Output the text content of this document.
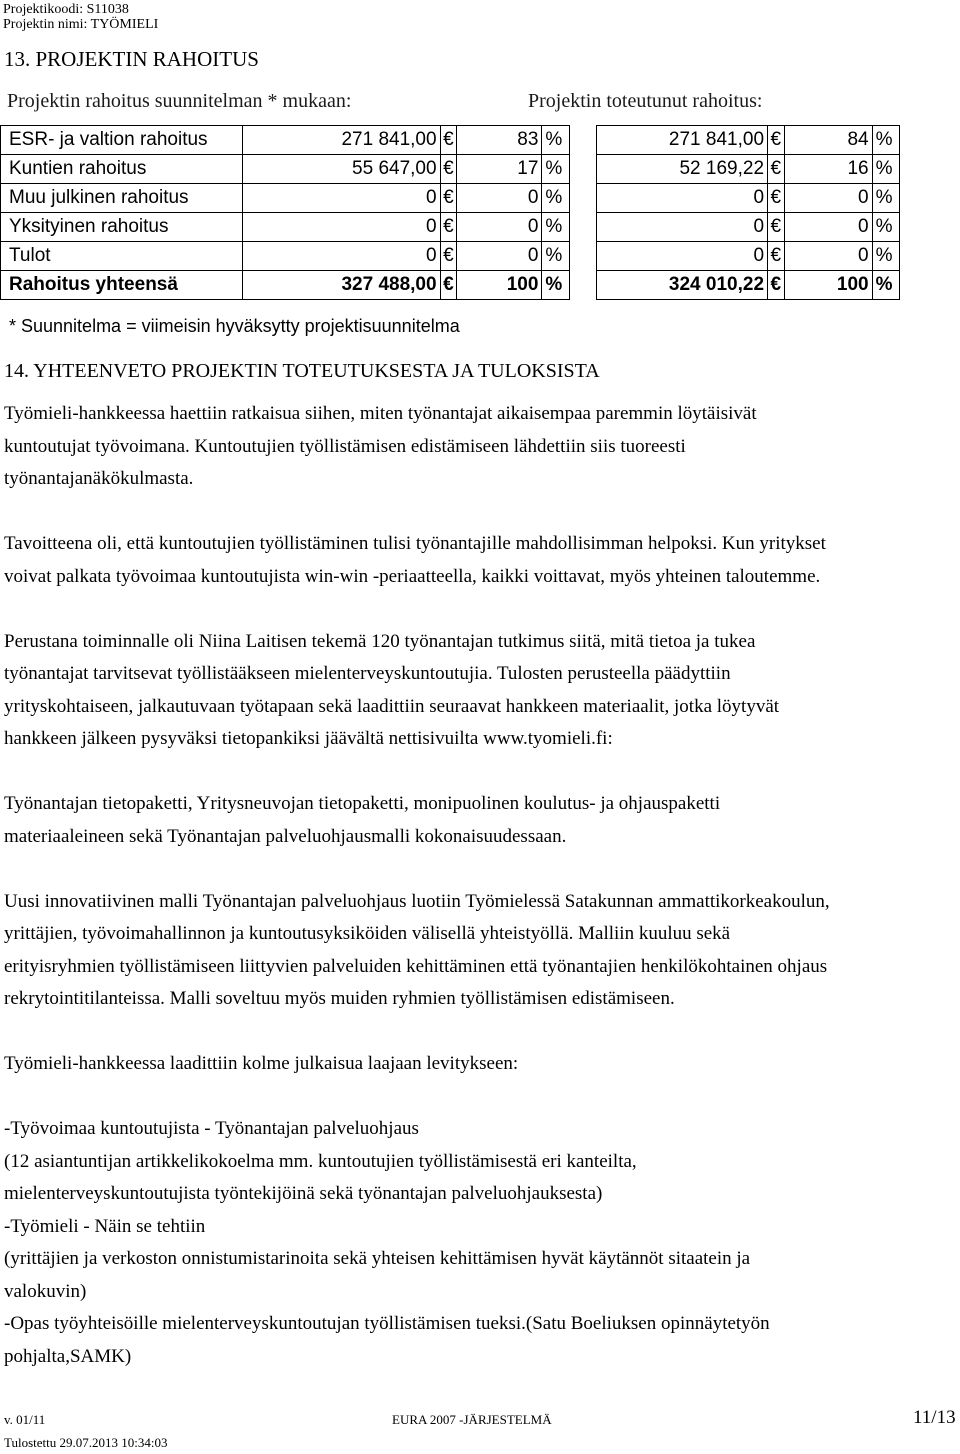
Projektikoodi: S11038
Projektin nimi: TYÖMIELI
13. PROJEKTIN RAHOITUS
Projektin rahoitus suunnitelman * mukaan:	Projektin toteutunut rahoitus:
ESR- ja valtion rahoitus	271 841,00	€	83	%		271 841,00	€	84	%
Kuntien rahoitus	55 647,00	€	17	%		52 169,22	€	16	%
Muu julkinen rahoitus	0	€	0	%		0	€	0	%
Yksityinen rahoitus	0	€	0	%		0	€	0	%
Tulot	0	€	0	%		0	€	0	%
Rahoitus yhteensä	327 488,00	€	100	%		324 010,22	€	100	%
* Suunnitelma = viimeisin hyväksytty projektisuunnitelma
14. YHTEENVETO PROJEKTIN TOTEUTUKSESTA JA TULOKSISTA

Työmieli-hankkeessa haettiin ratkaisua siihen, miten työnantajat aikaisempaa paremmin löytäisivät

kuntoutujat työvoimana. Kuntoutujien työllistämisen edistämiseen lähdettiin siis tuoreesti

työnantajanäkökulmasta.

Tavoitteena oli, että kuntoutujien työllistäminen tulisi työnantajille mahdollisimman helpoksi. Kun yritykset

voivat palkata työvoimaa kuntoutujista win-win -periaatteella, kaikki voittavat, myös yhteinen taloutemme.

Perustana toiminnalle oli Niina Laitisen tekemä 120 työnantajan tutkimus siitä, mitä tietoa ja tukea

työnantajat tarvitsevat työllistääkseen mielenterveyskuntoutujia. Tulosten perusteella päädyttiin

yrityskohtaiseen, jalkautuvaan työtapaan sekä laadittiin seuraavat hankkeen materiaalit, jotka löytyvät

hankkeen jälkeen pysyväksi tietopankiksi jäävältä nettisivuilta www.tyomieli.fi:

Työnantajan tietopaketti, Yritysneuvojan tietopaketti, monipuolinen koulutus- ja ohjauspaketti

materiaaleineen sekä Työnantajan palveluohjausmalli kokonaisuudessaan.

Uusi innovatiivinen malli Työnantajan palveluohjaus luotiin Työmielessä Satakunnan ammattikorkeakoulun,

yrittäjien, työvoimahallinnon ja kuntoutusyksiköiden välisellä yhteistyöllä. Malliin kuuluu sekä

erityisryhmien työllistämiseen liittyvien palveluiden kehittäminen että työnantajien henkilökohtainen ohjaus

rekrytointitilanteissa. Malli soveltuu myös muiden ryhmien työllistämisen edistämiseen.

Työmieli-hankkeessa laadittiin kolme julkaisua laajaan levitykseen:

-Työvoimaa kuntoutujista - Työnantajan palveluohjaus

(12 asiantuntijan artikkelikokoelma mm. kuntoutujien työllistämisestä eri kanteilta,

mielenterveyskuntoutujista työntekijöinä sekä työnantajan palveluohjauksesta)

-Työmieli - Näin se tehtiin

(yrittäjien ja verkoston onnistumistarinoita sekä yhteisen kehittämisen hyvät käytännöt sitaatein ja

valokuvin)

-Opas työyhteisöille mielenterveyskuntoutujan työllistämisen tueksi.(Satu Boeliuksen opinnäytetyön

pohjalta,SAMK)

v. 01/11	EURA 2007 -JÄRJESTELMÄ	11/13
Tulostettu 29.07.2013 10:34:03
